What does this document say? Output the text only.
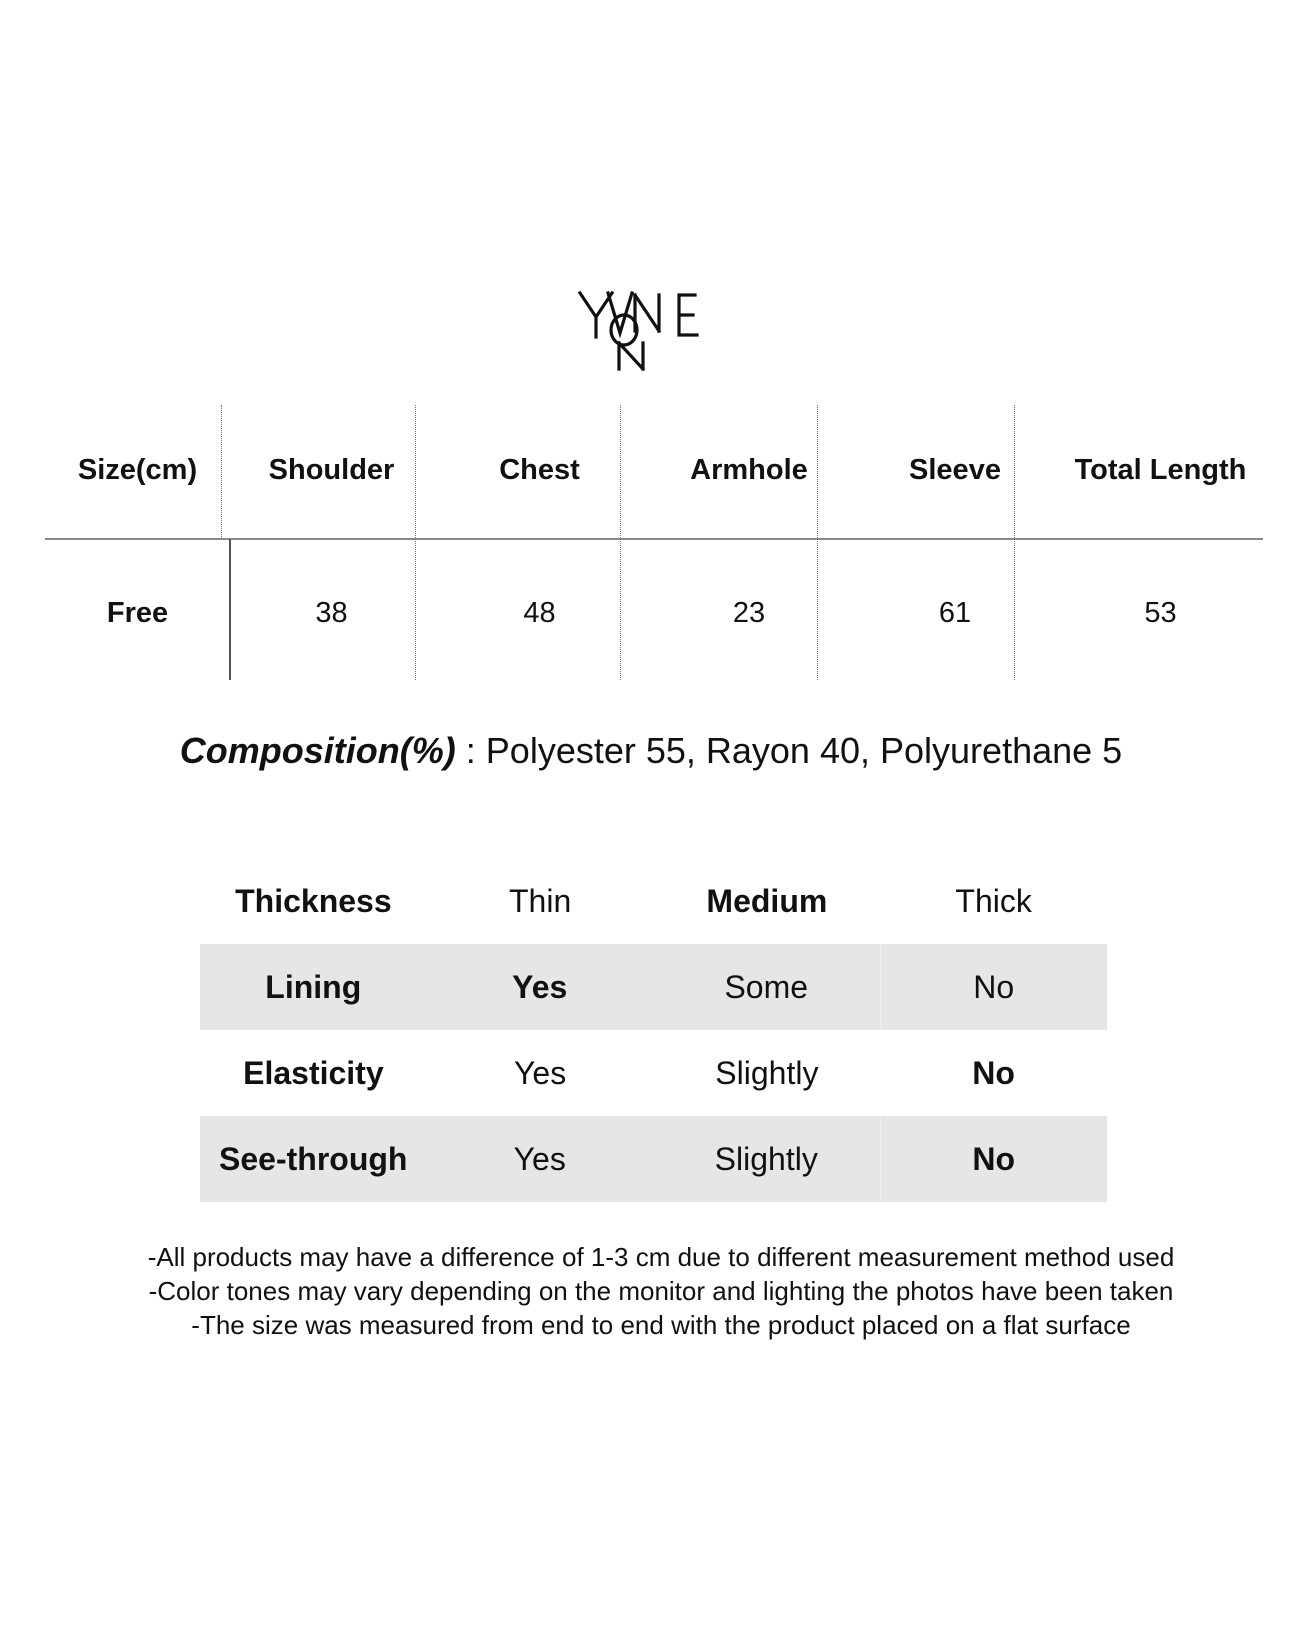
Size(cm)	Shoulder	Chest	Armhole	Sleeve	Total Length
Free	38	48	23	61	53
Composition(%) : Polyester 55, Rayon 40, Polyurethane 5
Thickness	Thin	Medium	Thick
Lining	Yes	Some	No
Elasticity	Yes	Slightly	No
See-through	Yes	Slightly	No
-All products may have a difference of 1-3 cm due to different measurement method used
-Color tones may vary depending on the monitor and lighting the photos have been taken
-The size was measured from end to end with the product placed on a flat surface
